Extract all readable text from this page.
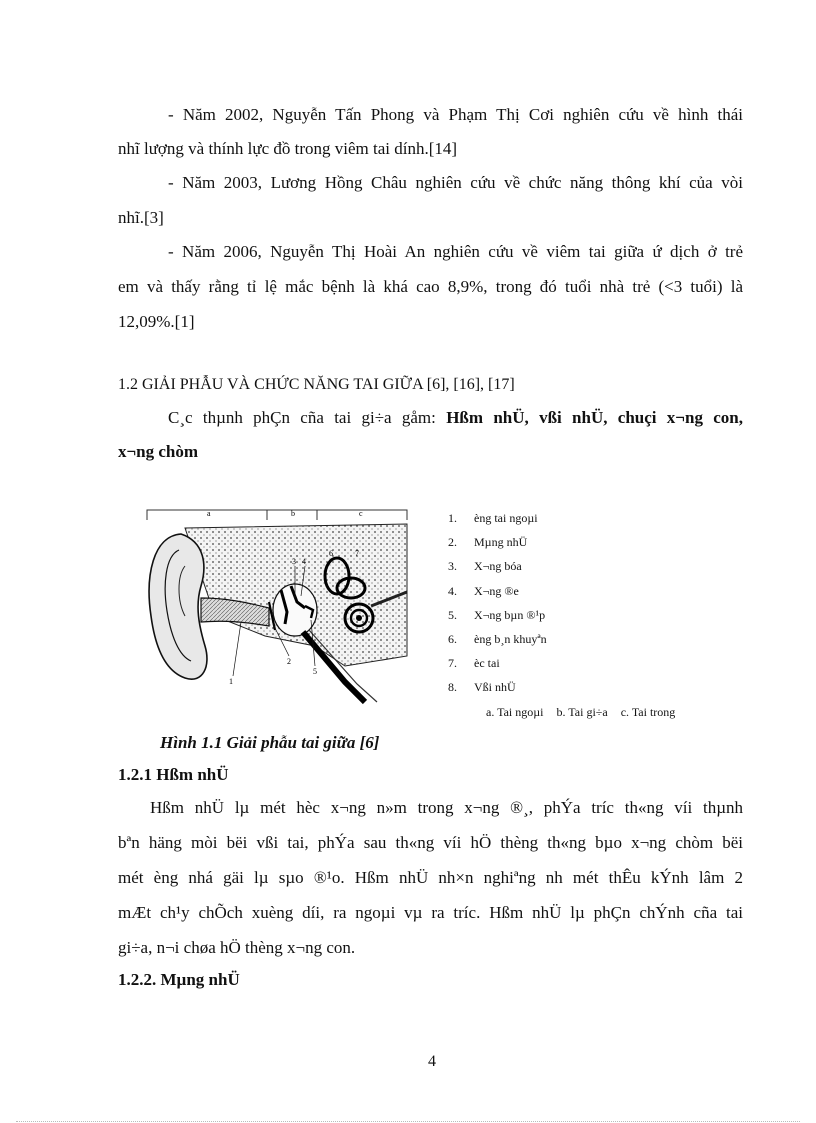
- Năm 2002, Nguyễn Tấn Phong và Phạm Thị Cơi nghiên cứu về hình thái
nhĩ lượng và thính lực đồ trong viêm tai dính.[14]
- Năm 2003, Lương Hồng Châu nghiên cứu về chức năng thông khí của vòi
nhĩ.[3]
- Năm 2006, Nguyễn Thị Hoài An nghiên cứu về viêm tai giữa ứ dịch ở trẻ
em và thấy rằng tỉ lệ mắc bệnh là khá cao 8,9%, trong đó tuổi nhà trẻ (<3 tuổi) là
12,09%.[1]
1.2 GIẢI PHẪU VÀ CHỨC NĂNG TAI GIỮA [6], [16], [17]
C¸c thµnh phÇn cña tai gi÷a gåm: Hßm nhÜ, vßi nhÜ, chuçi x¬ng con,
x¬ng chòm
a	b	c
3 4
6	7
2
5
1
8
1. èng tai ngoµi
2. Mµng nhÜ
3. X¬ng bóa
4. X¬ng ®e
5. X¬ng bµn ®¹p
6. èng b¸n khuyªn
7. èc tai
8. Vßi nhÜ
a. Tai ngoµi b. Tai gi÷a c. Tai trong
Hình 1.1 Giải phẫu tai giữa [6]
1.2.1 Hßm nhÜ
Hßm nhÜ lµ mét hèc x¬ng n»m trong x¬ng ®¸, phÝa tríc th«ng víi thµnh
bªn häng mòi bëi vßi tai, phÝa sau th«ng víi hÖ thèng th«ng bµo x¬ng chòm bëi
mét èng nhá gäi lµ sµo ®¹o. Hßm nhÜ nh×n nghiªng nh mét thÊu kÝnh lâm 2
mÆt ch¹y chÕch xuèng díi, ra ngoµi vµ ra tríc. Hßm nhÜ lµ phÇn chÝnh cña tai
gi÷a, n¬i chøa hÖ thèng x¬ng con.
1.2.2. Mµng nhÜ
4
